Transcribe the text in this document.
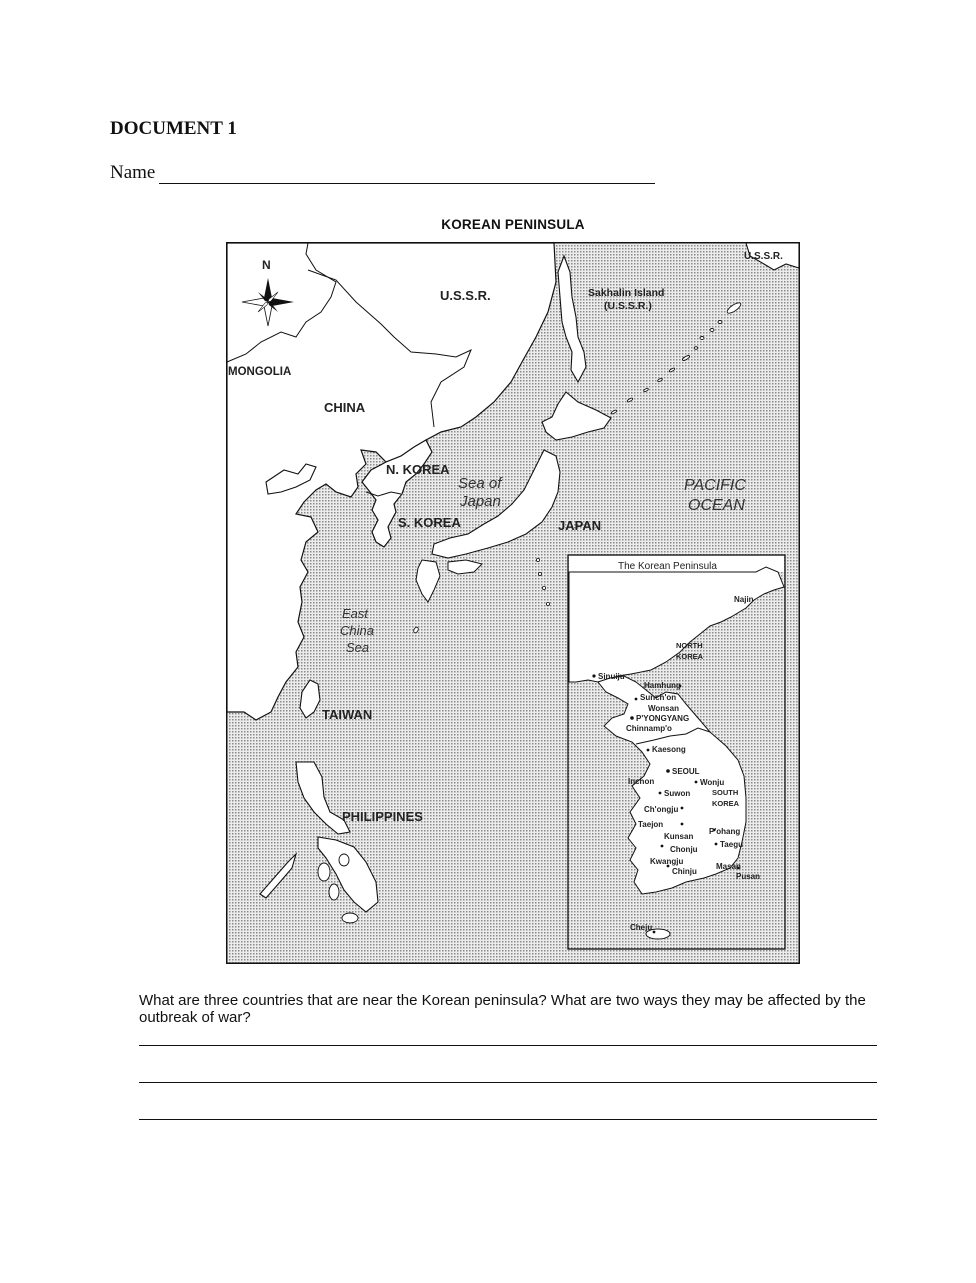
DOCUMENT 1
Name
KOREAN PENINSULA
N
U.S.S.R.
U.S.S.R.	Sakhalin Island
(U.S.S.R.)
MONGOLIA
CHINA
N. KOREA
S. KOREA
Sea of
Japan
JAPAN
PACIFIC
OCEAN
East
China
Sea
TAIWAN
PHILIPPINES
The Korean Peninsula
NORTH
KOREA
SOUTH
KOREA
Najin
Sinuiju
Hamhung
Sunch'on
Wonsan
P'YONGYANG
Chinnamp'o
Kaesong
SEOUL
Inchon
Suwon
Wonju
Ch'ongju
Taejon
Kunsan
P'ohang
Taegu
Chonju
Kwangju
Masan
Pusan
Chinju
Cheju
What are three countries that are near the Korean peninsula? What are two ways they may be affected by the outbreak of war?
